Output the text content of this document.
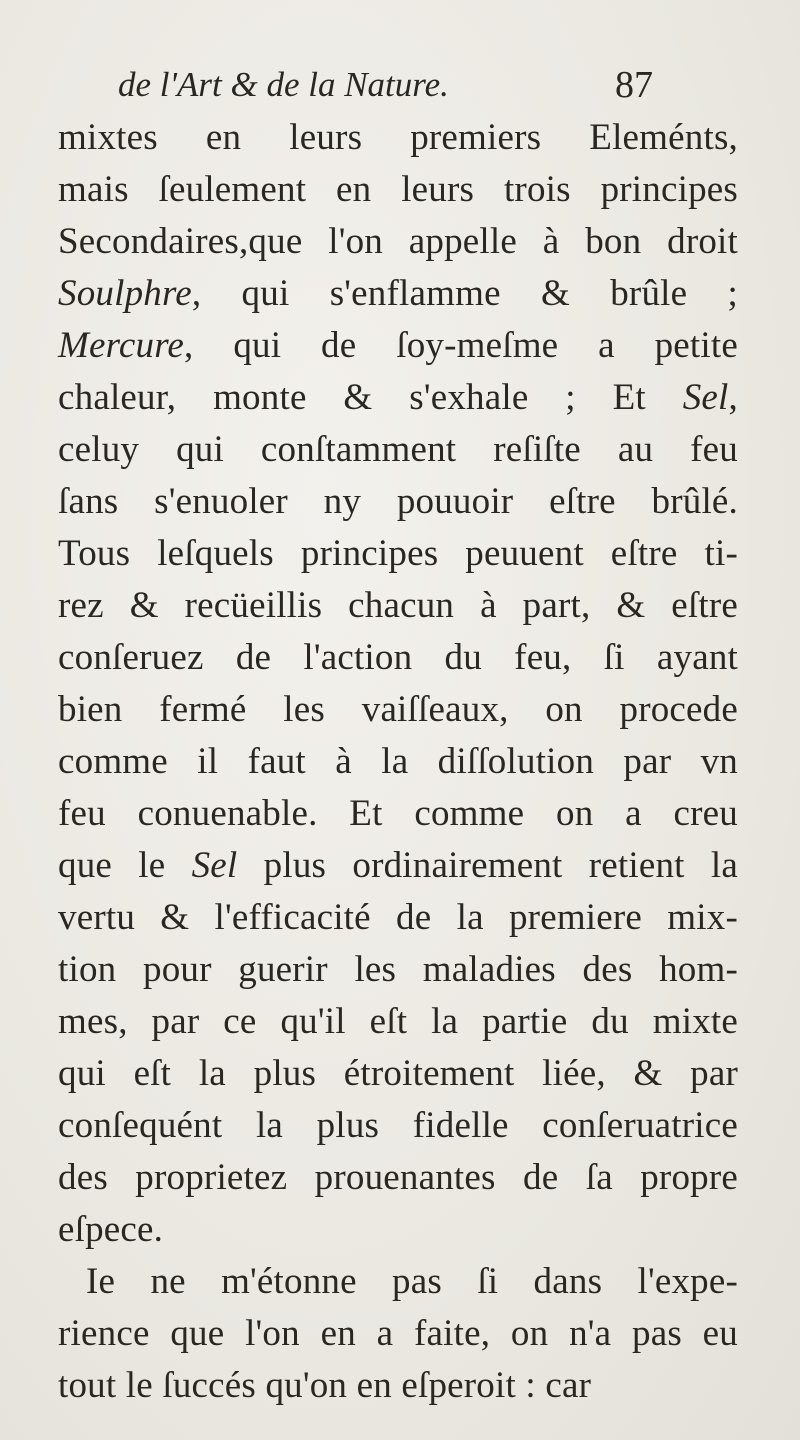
de l'Art & de la Nature.	87
mixtes en leurs premiers Eleménts,
mais ſeulement en leurs trois principes
Secondaires,que l'on appelle à bon droit
Soulphre, qui s'enflamme & brûle ;
Mercure, qui de ſoy-meſme a petite
chaleur, monte & s'exhale ; Et Sel,
celuy qui conſtamment reſiſte au feu
ſans s'enuoler ny pouuoir eſtre brûlé.
Tous leſquels principes peuuent eſtre ti-
rez & recüeillis chacun à part, & eſtre
conſeruez de l'action du feu, ſi ayant
bien fermé les vaiſſeaux, on procede
comme il faut à la diſſolution par vn
feu conuenable. Et comme on a creu
que le Sel plus ordinairement retient la
vertu & l'efficacité de la premiere mix-
tion pour guerir les maladies des hom-
mes, par ce qu'il eſt la partie du mixte
qui eſt la plus étroitement liée, & par
conſequént la plus fidelle conſeruatrice
des proprietez prouenantes de ſa propre
eſpece.
Ie ne m'étonne pas ſi dans l'expe-
rience que l'on en a faite, on n'a pas eu
tout le ſuccés qu'on en eſperoit : car
